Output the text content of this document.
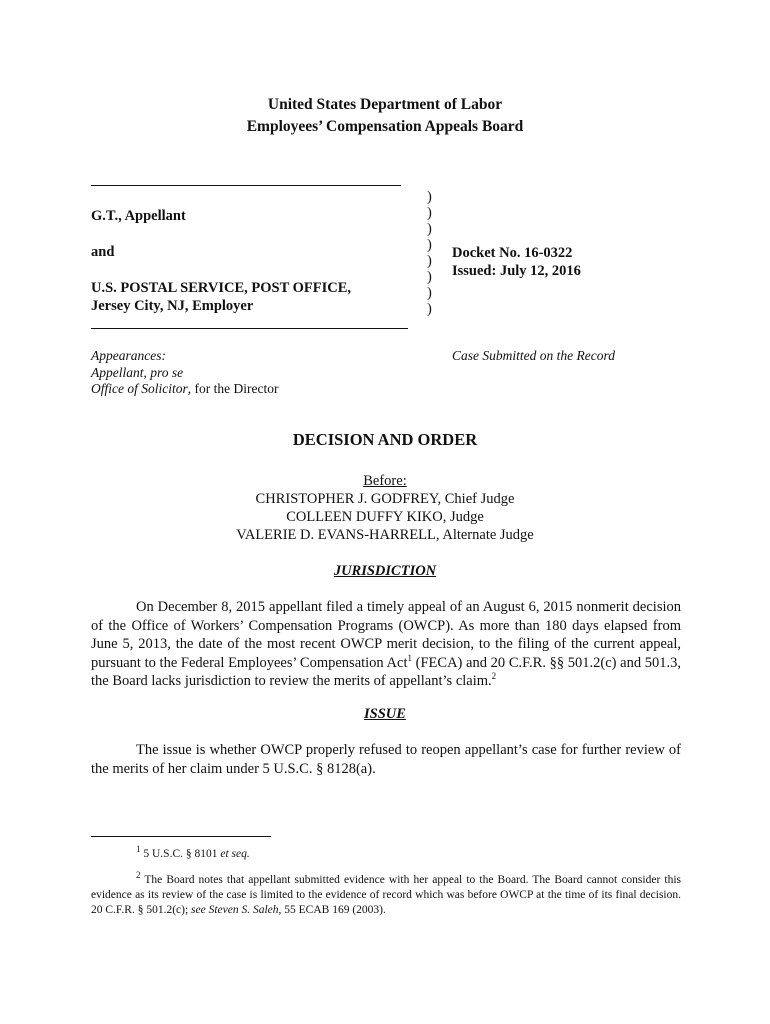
United States Department of Labor
Employees’ Compensation Appeals Board
G.T., Appellant
and
U.S. POSTAL SERVICE, POST OFFICE,
Jersey City, NJ, Employer
)
)
)
)
)
)
)
)
Docket No. 16-0322
Issued: July 12, 2016
Appearances:
Appellant, pro se
Office of Solicitor, for the Director
Case Submitted on the Record
DECISION AND ORDER
Before:
CHRISTOPHER J. GODFREY, Chief Judge
COLLEEN DUFFY KIKO, Judge
VALERIE D. EVANS-HARRELL, Alternate Judge
JURISDICTION
On December 8, 2015 appellant filed a timely appeal of an August 6, 2015 nonmerit decision of the Office of Workers’ Compensation Programs (OWCP). As more than 180 days elapsed from June 5, 2013, the date of the most recent OWCP merit decision, to the filing of the current appeal, pursuant to the Federal Employees’ Compensation Act$^1$ (FECA) and 20 C.F.R. §§ 501.2(c) and 501.3, the Board lacks jurisdiction to review the merits of appellant’s claim.$^2$
ISSUE
The issue is whether OWCP properly refused to reopen appellant’s case for further review of the merits of her claim under 5 U.S.C. § 8128(a).
$^1$ 5 U.S.C. § 8101 et seq.
$^2$ The Board notes that appellant submitted evidence with her appeal to the Board. The Board cannot consider this evidence as its review of the case is limited to the evidence of record which was before OWCP at the time of its final decision. 20 C.F.R. § 501.2(c); see Steven S. Saleh, 55 ECAB 169 (2003).
